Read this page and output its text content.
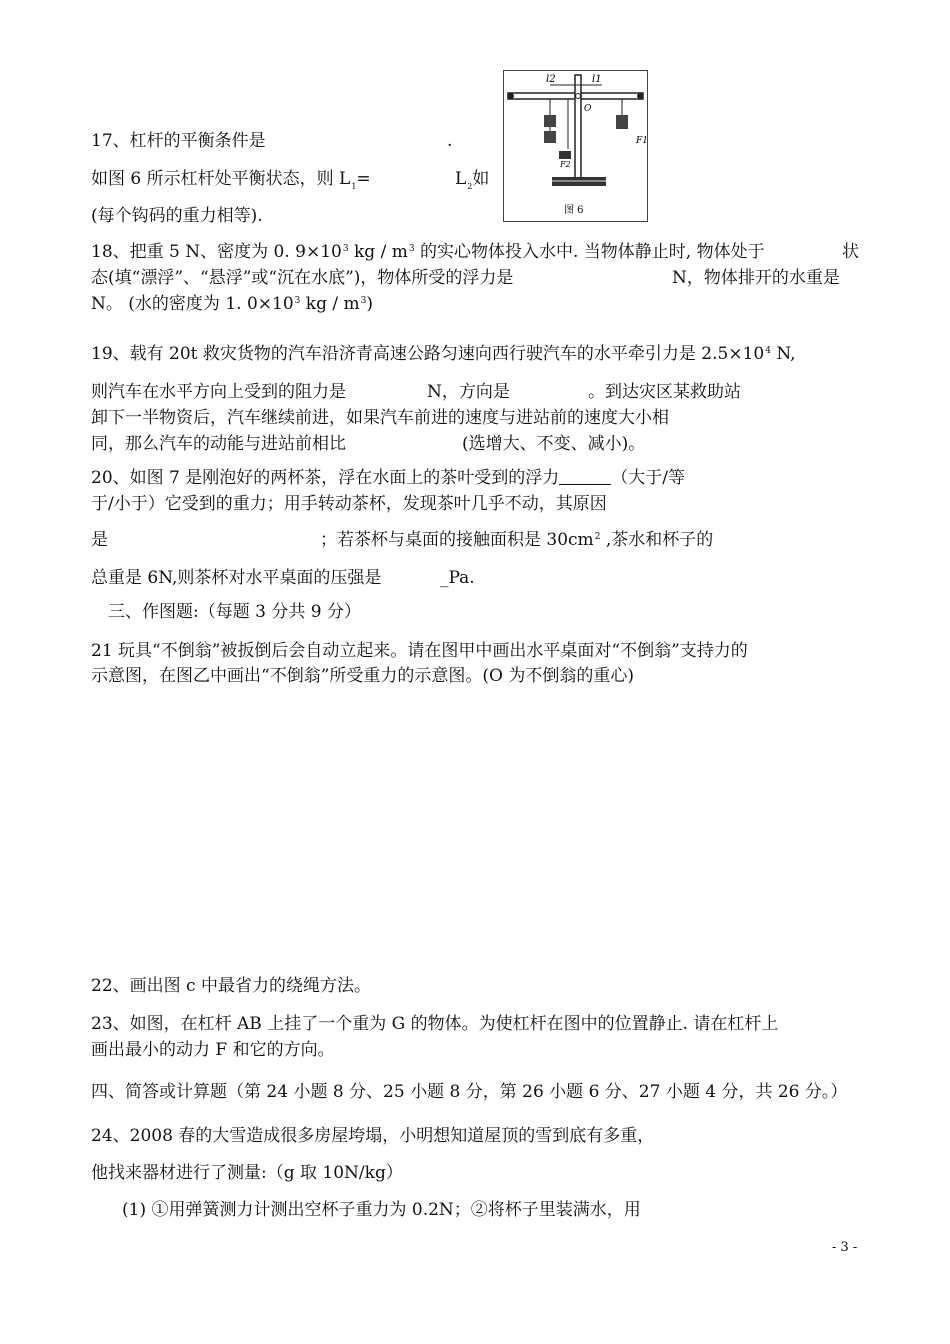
17、杠杆的平衡条件是	.
如图 6 所示杠杆处平衡状态，则 $L_1=$	$L_2$如
(每个钩码的重力相等).
l2	l1
O
F1
F2
图 6
18、把重 5 N、密度为 0. $9\times 10^3$ kg / $m^3$ 的实心物体投入水中. 当物体静止时, 物体处于	状
态(填“漂浮”、“悬浮”或“沉在水底”)，物体所受的浮力是	N，物体排开的水重是
N。 (水的密度为 1. $0\times 10^3$ kg / $m^3$)
19、载有 20t 救灾货物的汽车沿济青高速公路匀速向西行驶汽车的水平牵引力是 $2.5\times 10^4$ N,
则汽车在水平方向上受到的阻力是	N，方向是	。到达灾区某救助站
卸下一半物资后，汽车继续前进，如果汽车前进的速度与进站前的速度大小相
同，那么汽车的动能与进站前相比	(选增大、不变、减小)。
20、如图 7 是刚泡好的两杯茶，浮在水面上的茶叶受到的浮力	（大于/等
于/小于）它受到的重力；用手转动茶杯，发现茶叶几乎不动，其原因
是	；若茶杯与桌面的接触面积是 $30cm^2$ ,茶水和杯子的
总重是 6N,则茶杯对水平桌面的压强是	_Pa.
三、作图题:（每题 3 分共 9 分）
21 玩具“不倒翁”被扳倒后会自动立起来。请在图甲中画出水平桌面对“不倒翁”支持力的
示意图，在图乙中画出“不倒翁”所受重力的示意图。(O 为不倒翁的重心)
22、画出图 c 中最省力的绕绳方法。
23、如图，在杠杆 AB 上挂了一个重为 G 的物体。为使杠杆在图中的位置静止. 请在杠杆上
画出最小的动力 F 和它的方向。
四、简答或计算题（第 24 小题 8 分、25 小题 8 分，第 26 小题 6 分、27 小题 4 分，共 26 分。）
24、2008 春的大雪造成很多房屋垮塌，小明想知道屋顶的雪到底有多重，
他找来器材进行了测量:（g 取 10N/kg）
(1) ①用弹簧测力计测出空杯子重力为 0.2N；②将杯子里装满水，用
- 3 -
